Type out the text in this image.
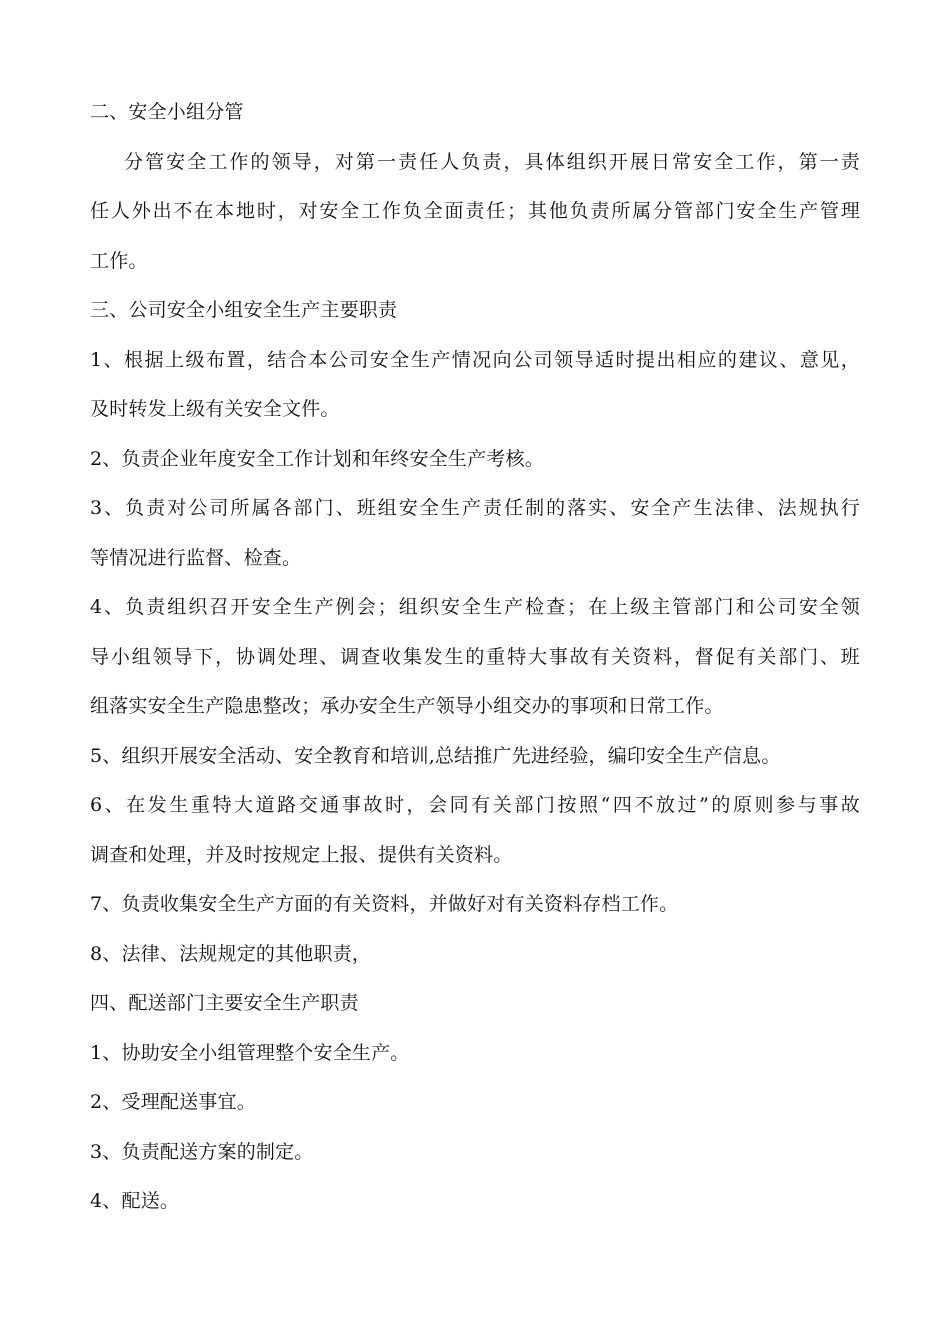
二、安全小组分管
分管安全工作的领导，对第一责任人负责，具体组织开展日常安全工作，第一责
任人外出不在本地时，对安全工作负全面责任；其他负责所属分管部门安全生产管理
工作。
三、公司安全小组安全生产主要职责
1、根据上级布置，结合本公司安全生产情况向公司领导适时提出相应的建议、意见，
及时转发上级有关安全文件。
2、负责企业年度安全工作计划和年终安全生产考核。
3、负责对公司所属各部门、班组安全生产责任制的落实、安全产生法律、法规执行
等情况进行监督、检查。
4、负责组织召开安全生产例会；组织安全生产检查；在上级主管部门和公司安全领
导小组领导下，协调处理、调查收集发生的重特大事故有关资料，督促有关部门、班
组落实安全生产隐患整改；承办安全生产领导小组交办的事项和日常工作。
5、组织开展安全活动、安全教育和培训,总结推广先进经验，编印安全生产信息。
6、在发生重特大道路交通事故时，会同有关部门按照“四不放过”的原则参与事故
调查和处理，并及时按规定上报、提供有关资料。
7、负责收集安全生产方面的有关资料，并做好对有关资料存档工作。
8、法律、法规规定的其他职责，
四、配送部门主要安全生产职责
1、协助安全小组管理整个安全生产。
2、受理配送事宜。
3、负责配送方案的制定。
4、配送。
